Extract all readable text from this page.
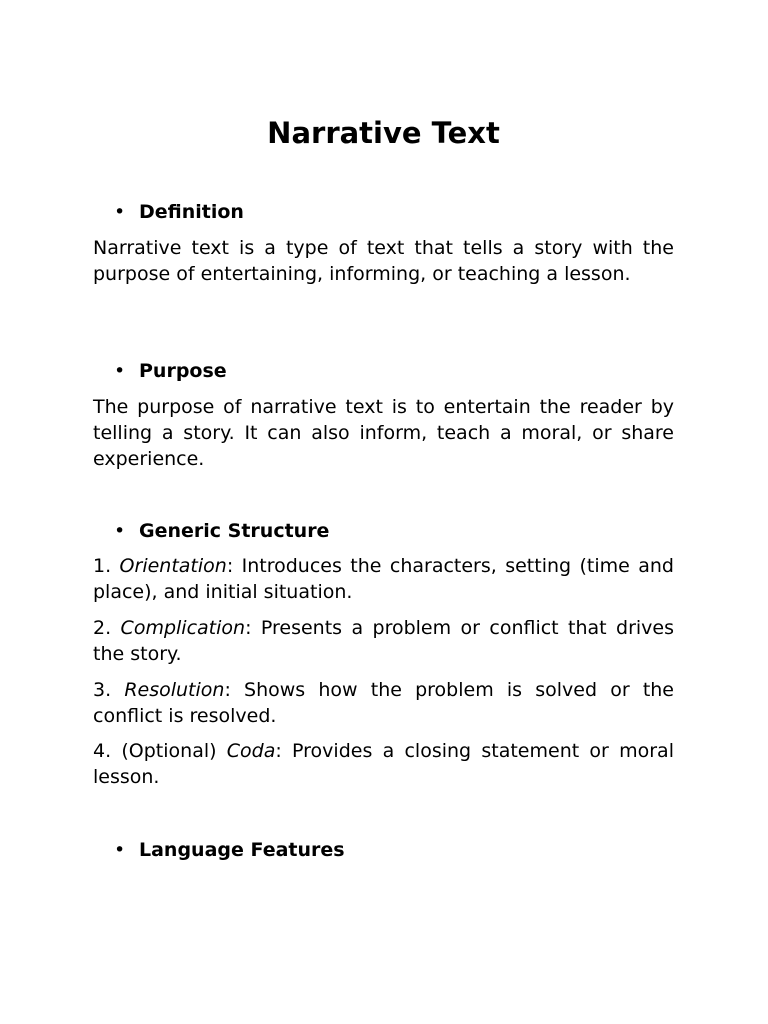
Narrative Text
• Definition

Narrative text is a type of text that tells a story with the purpose of entertaining, informing, or teaching a lesson.

• Purpose

The purpose of narrative text is to entertain the reader by telling a story. It can also inform, teach a moral, or share experience.

• Generic Structure

1. Orientation: Introduces the characters, setting (time and place), and initial situation.

2. Complication: Presents a problem or conflict that drives the story.

3. Resolution: Shows how the problem is solved or the conflict is resolved.

4. (Optional) Coda: Provides a closing statement or moral lesson.

• Language Features
